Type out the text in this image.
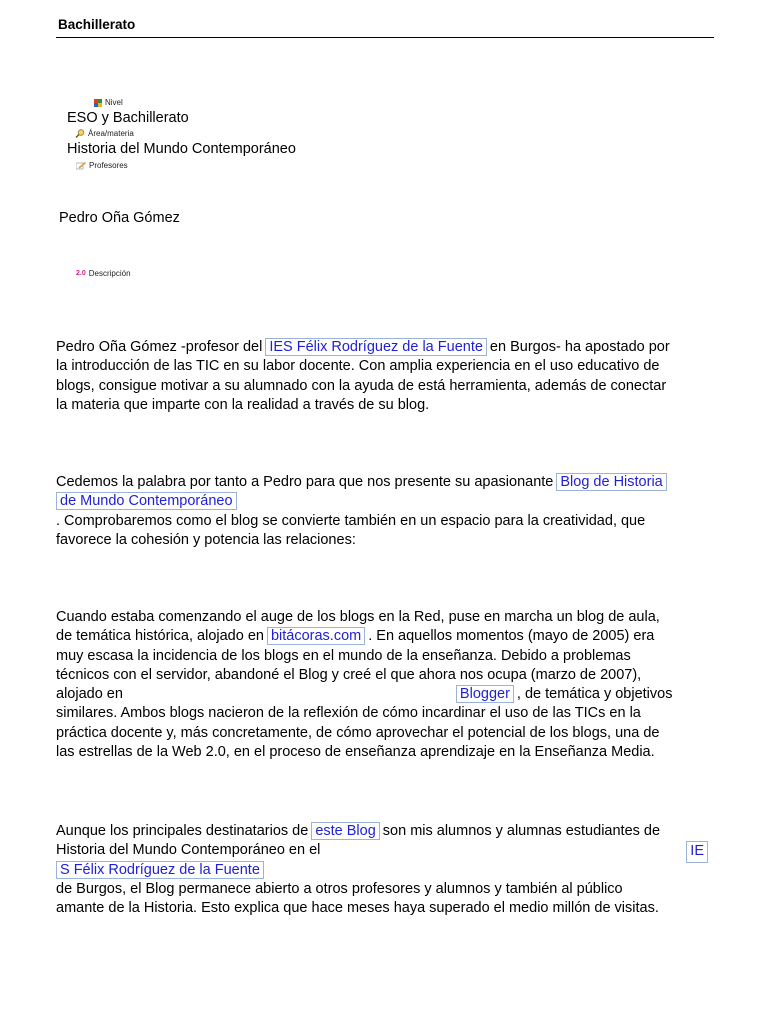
Bachillerato
Nivel
ESO y Bachillerato
Área/materia
Historia del Mundo Contemporáneo
Profesores
Pedro Oña Gómez
2.0 Descripción
Pedro Oña Gómez -profesor del IES Félix Rodríguez de la Fuente en Burgos- ha apostado por
la introducción de las TIC en su labor docente. Con amplia experiencia en el uso educativo de
blogs, consigue motivar a su alumnado con la ayuda de está herramienta, además de conectar
la materia que imparte con la realidad a través de su blog.
Cedemos la palabra por tanto a Pedro para que nos presente su apasionante Blog de Historia
de Mundo Contemporáneo
. Comprobaremos como el blog se convierte también en un espacio para la creatividad, que
favorece la cohesión y potencia las relaciones:
Cuando estaba comenzando el auge de los blogs en la Red, puse en marcha un blog de aula,
de temática histórica, alojado en bitácoras.com . En aquellos momentos (mayo de 2005) era
muy escasa la incidencia de los blogs en el mundo de la enseñanza. Debido a problemas
técnicos con el servidor, abandoné el Blog y creé el que ahora nos ocupa (marzo de 2007),
alojado en	Blogger , de temática y objetivos
similares. Ambos blogs nacieron de la reflexión de cómo incardinar el uso de las TICs en la
práctica docente y, más concretamente, de cómo aprovechar el potencial de los blogs, una de
las estrellas de la Web 2.0, en el proceso de enseñanza aprendizaje en la Enseñanza Media.
Aunque los principales destinatarios de este Blog son mis alumnos y alumnas estudiantes de
Historia del Mundo Contemporáneo en el	IE
S Félix Rodríguez de la Fuente
de Burgos, el Blog permanece abierto a otros profesores y alumnos y también al público
amante de la Historia. Esto explica que hace meses haya superado el medio millón de visitas.
